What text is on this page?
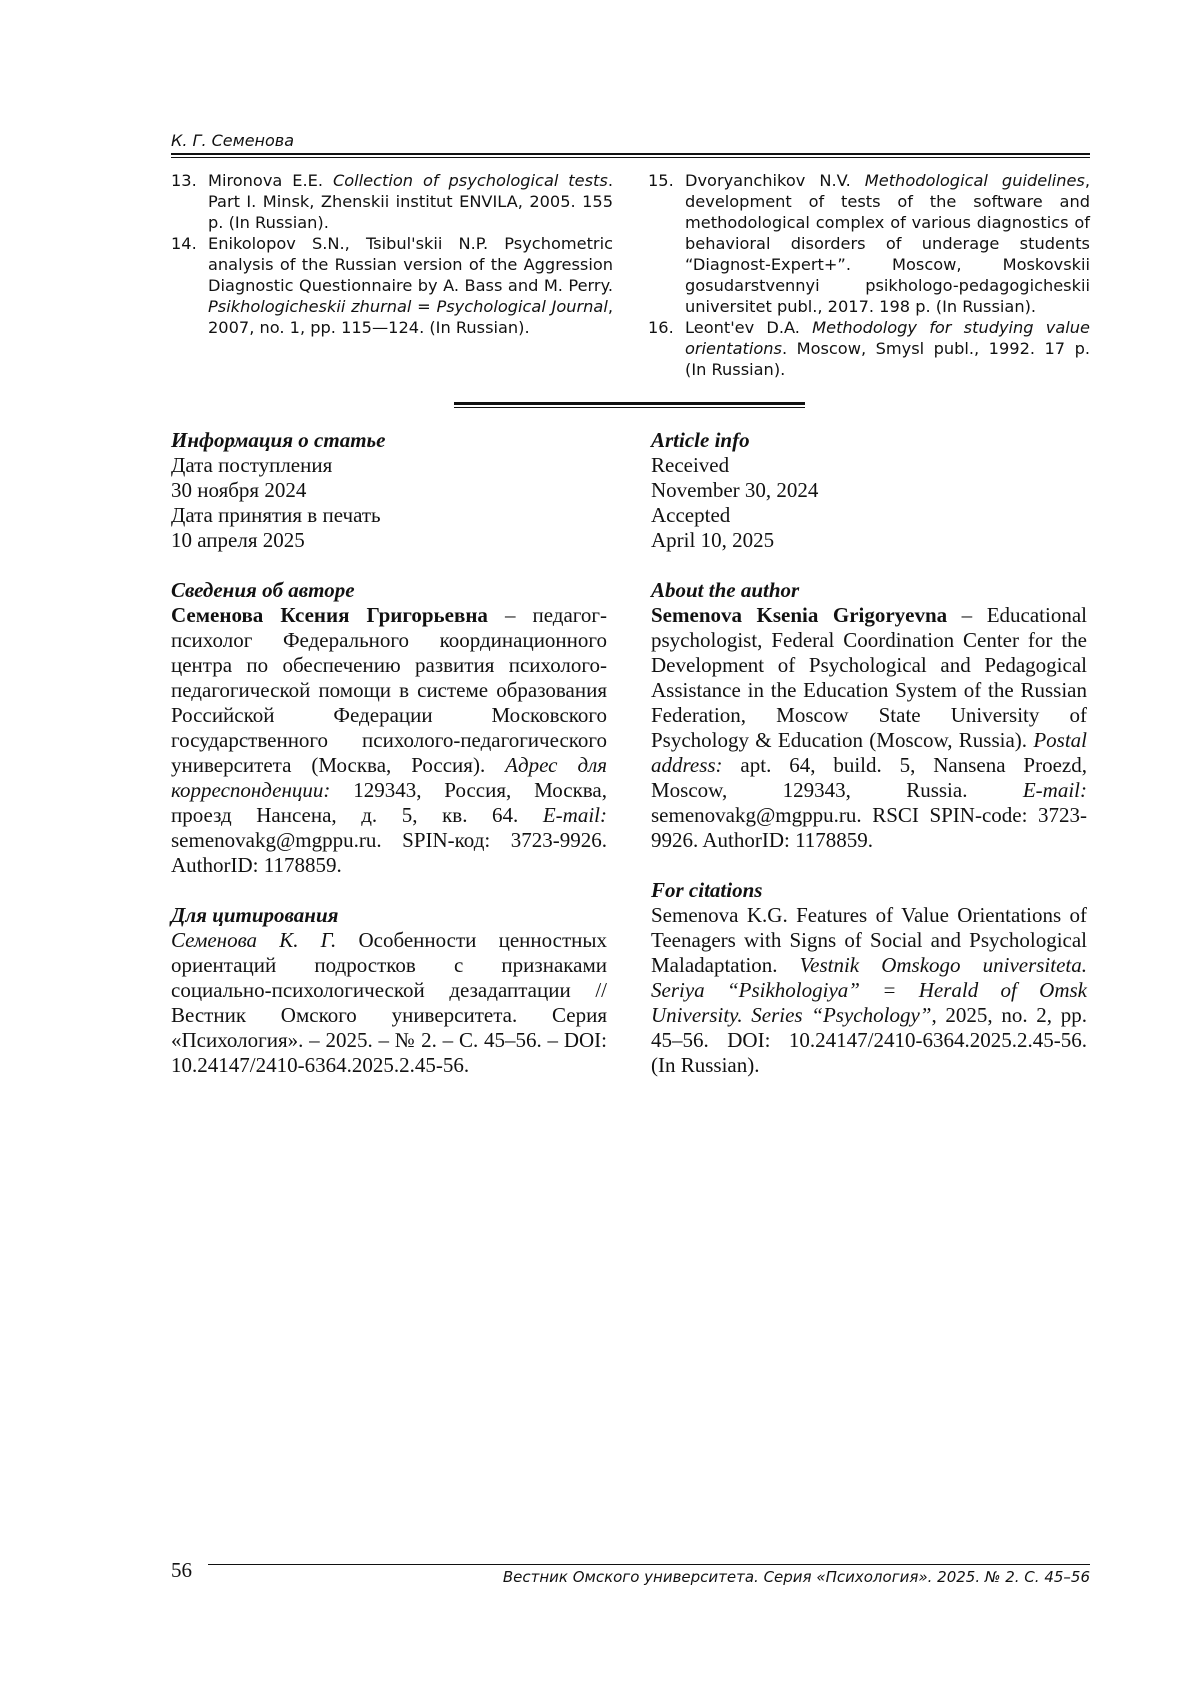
К. Г. Семенова
13. Mironova E.E. Collection of psychological tests. Part I. Minsk, Zhenskii institut ENVILA, 2005. 155 p. (In Russian).
14. Enikolopov S.N., Tsibul'skii N.P. Psychometric analysis of the Russian version of the Aggression Diagnostic Questionnaire by A. Bass and M. Perry. Psikhologicheskii zhurnal = Psychological Journal, 2007, no. 1, pp. 115—124. (In Russian).
15. Dvoryanchikov N.V. Methodological guidelines, development of tests of the software and methodological complex of various diagnostics of behavioral disorders of underage students “Diagnost-Expert+”. Moscow, Moskovskii gosudarstvennyi psikhologo-pedagogicheskii universitet publ., 2017. 198 p. (In Russian).
16. Leont'ev D.A. Methodology for studying value orientations. Moscow, Smysl publ., 1992. 17 p. (In Russian).
Информация о статье
Дата поступления
30 ноября 2024
Дата принятия в печать
10 апреля 2025
Сведения об авторе
Семенова Ксения Григорьевна – педагог-психолог Федерального координационного центра по обеспечению развития психолого-педагогической помощи в системе образования Российской Федерации Московского государственного психолого-педагогического университета (Москва, Россия). Адрес для корреспонденции: 129343, Россия, Москва, проезд Нансена, д. 5, кв. 64. E-mail: semenovakg@mgppu.ru. SPIN-код: 3723-9926. AuthorID: 1178859.
Для цитирования
Семенова К. Г. Особенности ценностных ориентаций подростков с признаками социально-психологической дезадаптации // Вестник Омского университета. Серия «Психология». – 2025. – № 2. – С. 45–56. – DOI: 10.24147/2410-6364.2025.2.45-56.
Article info
Received
November 30, 2024
Accepted
April 10, 2025
About the author
Semenova Ksenia Grigoryevna – Educational psychologist, Federal Coordination Center for the Development of Psychological and Pedagogical Assistance in the Education System of the Russian Federation, Moscow State University of Psychology & Education (Moscow, Russia). Postal address: apt. 64, build. 5, Nansena Proezd, Moscow, 129343, Russia. E-mail: semenovakg@mgppu.ru. RSCI SPIN-code: 3723-9926. AuthorID: 1178859.
For citations
Semenova K.G. Features of Value Orientations of Teenagers with Signs of Social and Psychological Maladaptation. Vestnik Omskogo universiteta. Seriya “Psikhologiya” = Herald of Omsk University. Series “Psychology”, 2025, no. 2, pp. 45–56. DOI: 10.24147/2410-6364.2025.2.45-56. (In Russian).
56	Вестник Омского университета. Серия «Психология». 2025. № 2. С. 45–56
